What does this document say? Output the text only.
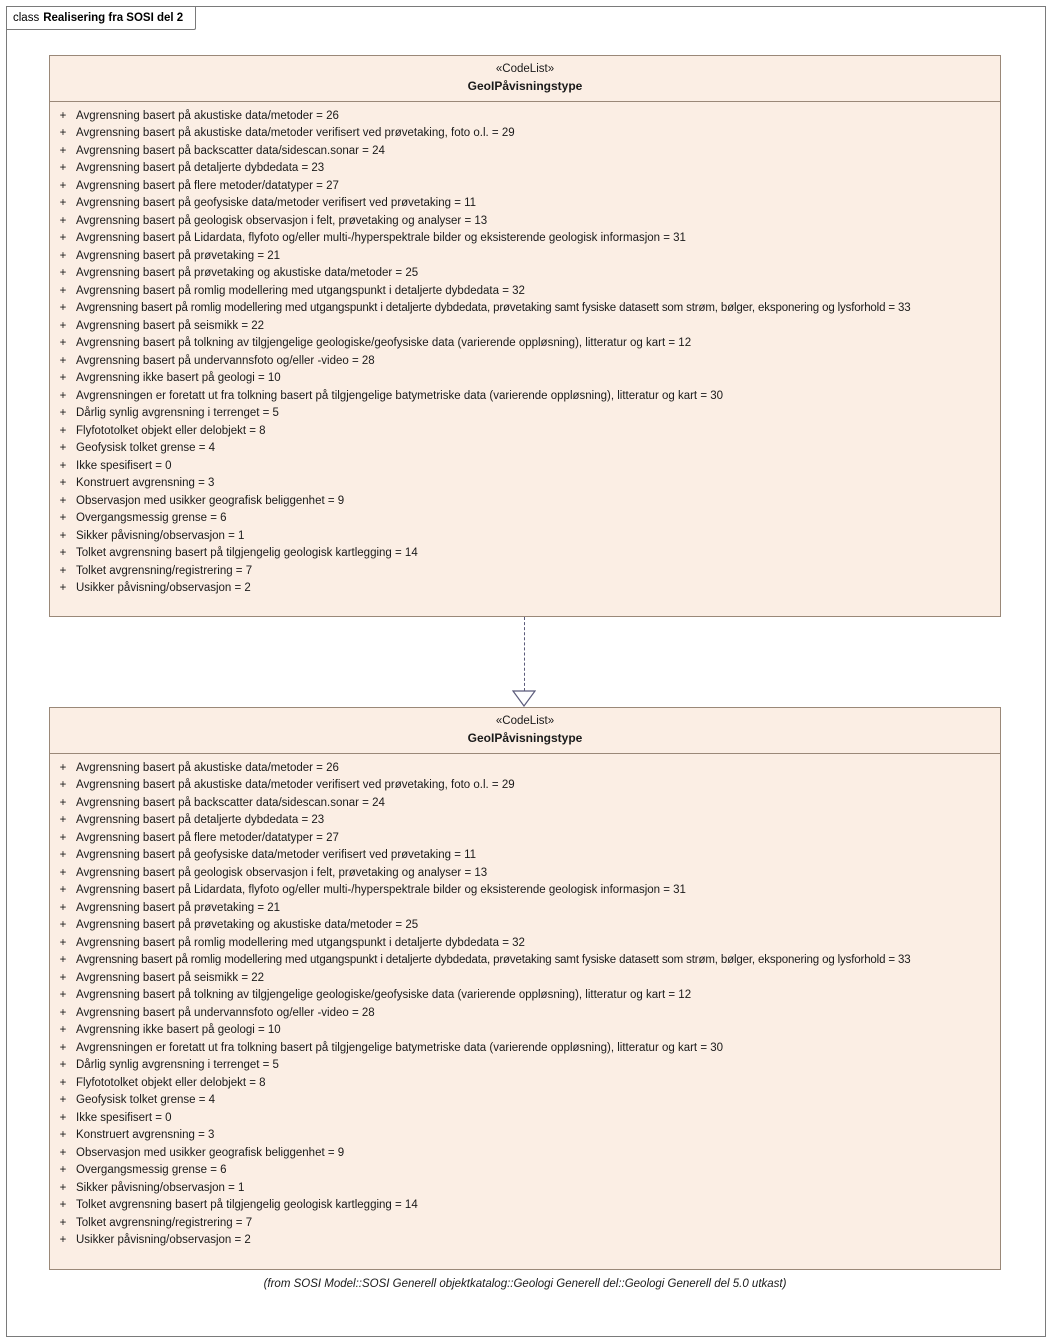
class Realisering fra SOSI del 2
«CodeList»
GeoIPåvisningstype
+ Avgrensning basert på akustiske data/metoder = 26
+ Avgrensning basert på akustiske data/metoder verifisert ved prøvetaking, foto o.l. = 29
+ Avgrensning basert på backscatter data/sidescan.sonar = 24
+ Avgrensning basert på detaljerte dybdedata = 23
+ Avgrensning basert på flere metoder/datatyper = 27
+ Avgrensning basert på geofysiske data/metoder verifisert ved prøvetaking = 11
+ Avgrensning basert på geologisk observasjon i felt, prøvetaking og analyser = 13
+ Avgrensning basert på Lidardata, flyfoto og/eller multi-/hyperspektrale bilder og eksisterende geologisk informasjon = 31
+ Avgrensning basert på prøvetaking = 21
+ Avgrensning basert på prøvetaking og akustiske data/metoder = 25
+ Avgrensning basert på romlig modellering med utgangspunkt i detaljerte dybdedata = 32
+ Avgrensning basert på romlig modellering med utgangspunkt i detaljerte dybdedata, prøvetaking samt fysiske datasett som strøm, bølger, eksponering og lysforhold = 33
+ Avgrensning basert på seismikk = 22
+ Avgrensning basert på tolkning av tilgjengelige geologiske/geofysiske data (varierende oppløsning), litteratur og kart = 12
+ Avgrensning basert på undervannsfoto og/eller -video = 28
+ Avgrensning ikke basert på geologi = 10
+ Avgrensningen er foretatt ut fra tolkning basert på tilgjengelige batymetriske data (varierende oppløsning), litteratur og kart = 30
+ Dårlig synlig avgrensning i terrenget = 5
+ Flyfototolket objekt eller delobjekt = 8
+ Geofysisk tolket grense = 4
+ Ikke spesifisert = 0
+ Konstruert avgrensning = 3
+ Observasjon med usikker geografisk beliggenhet = 9
+ Overgangsmessig grense = 6
+ Sikker påvisning/observasjon = 1
+ Tolket avgrensning basert på tilgjengelig geologisk kartlegging = 14
+ Tolket avgrensning/registrering = 7
+ Usikker påvisning/observasjon = 2
«CodeList»
GeoIPåvisningstype
+ Avgrensning basert på akustiske data/metoder = 26
+ Avgrensning basert på akustiske data/metoder verifisert ved prøvetaking, foto o.l. = 29
+ Avgrensning basert på backscatter data/sidescan.sonar = 24
+ Avgrensning basert på detaljerte dybdedata = 23
+ Avgrensning basert på flere metoder/datatyper = 27
+ Avgrensning basert på geofysiske data/metoder verifisert ved prøvetaking = 11
+ Avgrensning basert på geologisk observasjon i felt, prøvetaking og analyser = 13
+ Avgrensning basert på Lidardata, flyfoto og/eller multi-/hyperspektrale bilder og eksisterende geologisk informasjon = 31
+ Avgrensning basert på prøvetaking = 21
+ Avgrensning basert på prøvetaking og akustiske data/metoder = 25
+ Avgrensning basert på romlig modellering med utgangspunkt i detaljerte dybdedata = 32
+ Avgrensning basert på romlig modellering med utgangspunkt i detaljerte dybdedata, prøvetaking samt fysiske datasett som strøm, bølger, eksponering og lysforhold = 33
+ Avgrensning basert på seismikk = 22
+ Avgrensning basert på tolkning av tilgjengelige geologiske/geofysiske data (varierende oppløsning), litteratur og kart = 12
+ Avgrensning basert på undervannsfoto og/eller -video = 28
+ Avgrensning ikke basert på geologi = 10
+ Avgrensningen er foretatt ut fra tolkning basert på tilgjengelige batymetriske data (varierende oppløsning), litteratur og kart = 30
+ Dårlig synlig avgrensning i terrenget = 5
+ Flyfototolket objekt eller delobjekt = 8
+ Geofysisk tolket grense = 4
+ Ikke spesifisert = 0
+ Konstruert avgrensning = 3
+ Observasjon med usikker geografisk beliggenhet = 9
+ Overgangsmessig grense = 6
+ Sikker påvisning/observasjon = 1
+ Tolket avgrensning basert på tilgjengelig geologisk kartlegging = 14
+ Tolket avgrensning/registrering = 7
+ Usikker påvisning/observasjon = 2
(from SOSI Model::SOSI Generell objektkatalog::Geologi Generell del::Geologi Generell del 5.0 utkast)
